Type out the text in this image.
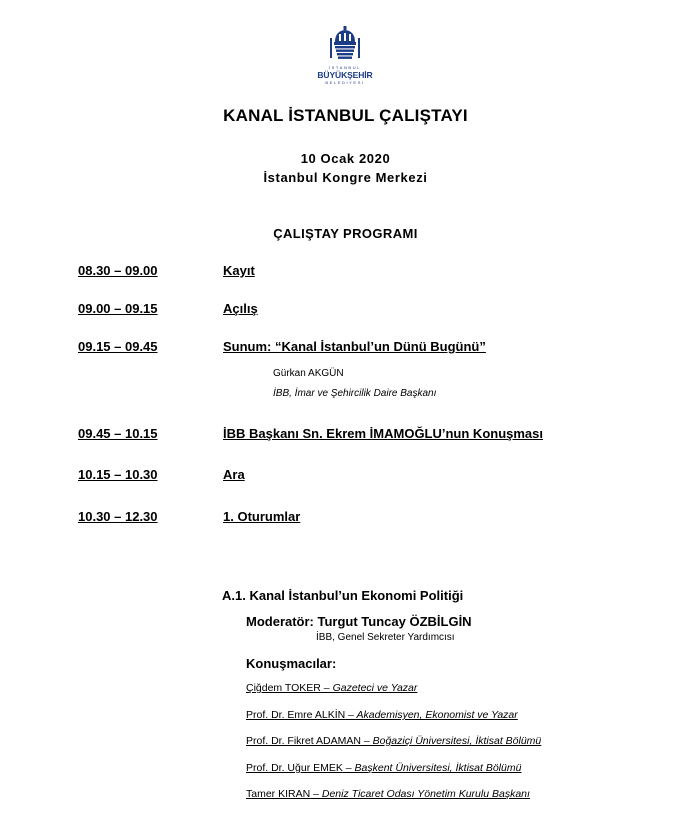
İSTANBUL
BÜYÜKŞEHİR
BELEDİYESİ
KANAL İSTANBUL ÇALIŞTAYI
10 Ocak 2020
İstanbul Kongre Merkezi
ÇALIŞTAY PROGRAMI
08.30 – 09.00	Kayıt
09.00 – 09.15	Açılış
09.15 – 09.45	Sunum: “Kanal İstanbul’un Dünü Bugünü”
Gürkan AKGÜN
İBB, İmar ve Şehircilik Daire Başkanı
09.45 – 10.15	İBB Başkanı Sn. Ekrem İMAMOĞLU’nun Konuşması
10.15 – 10.30	Ara
10.30 – 12.30	1. Oturumlar
A.1. Kanal İstanbul’un Ekonomi Politiği
Moderatör: Turgut Tuncay ÖZBİLGİN
İBB, Genel Sekreter Yardımcısı
Konuşmacılar:
Çiğdem TOKER – Gazeteci ve Yazar
Prof. Dr. Emre ALKİN – Akademisyen, Ekonomist ve Yazar
Prof. Dr. Fikret ADAMAN – Boğaziçi Üniversitesi, İktisat Bölümü
Prof. Dr. Uğur EMEK – Başkent Üniversitesi, İktisat Bölümü
Tamer KIRAN – Deniz Ticaret Odası Yönetim Kurulu Başkanı
